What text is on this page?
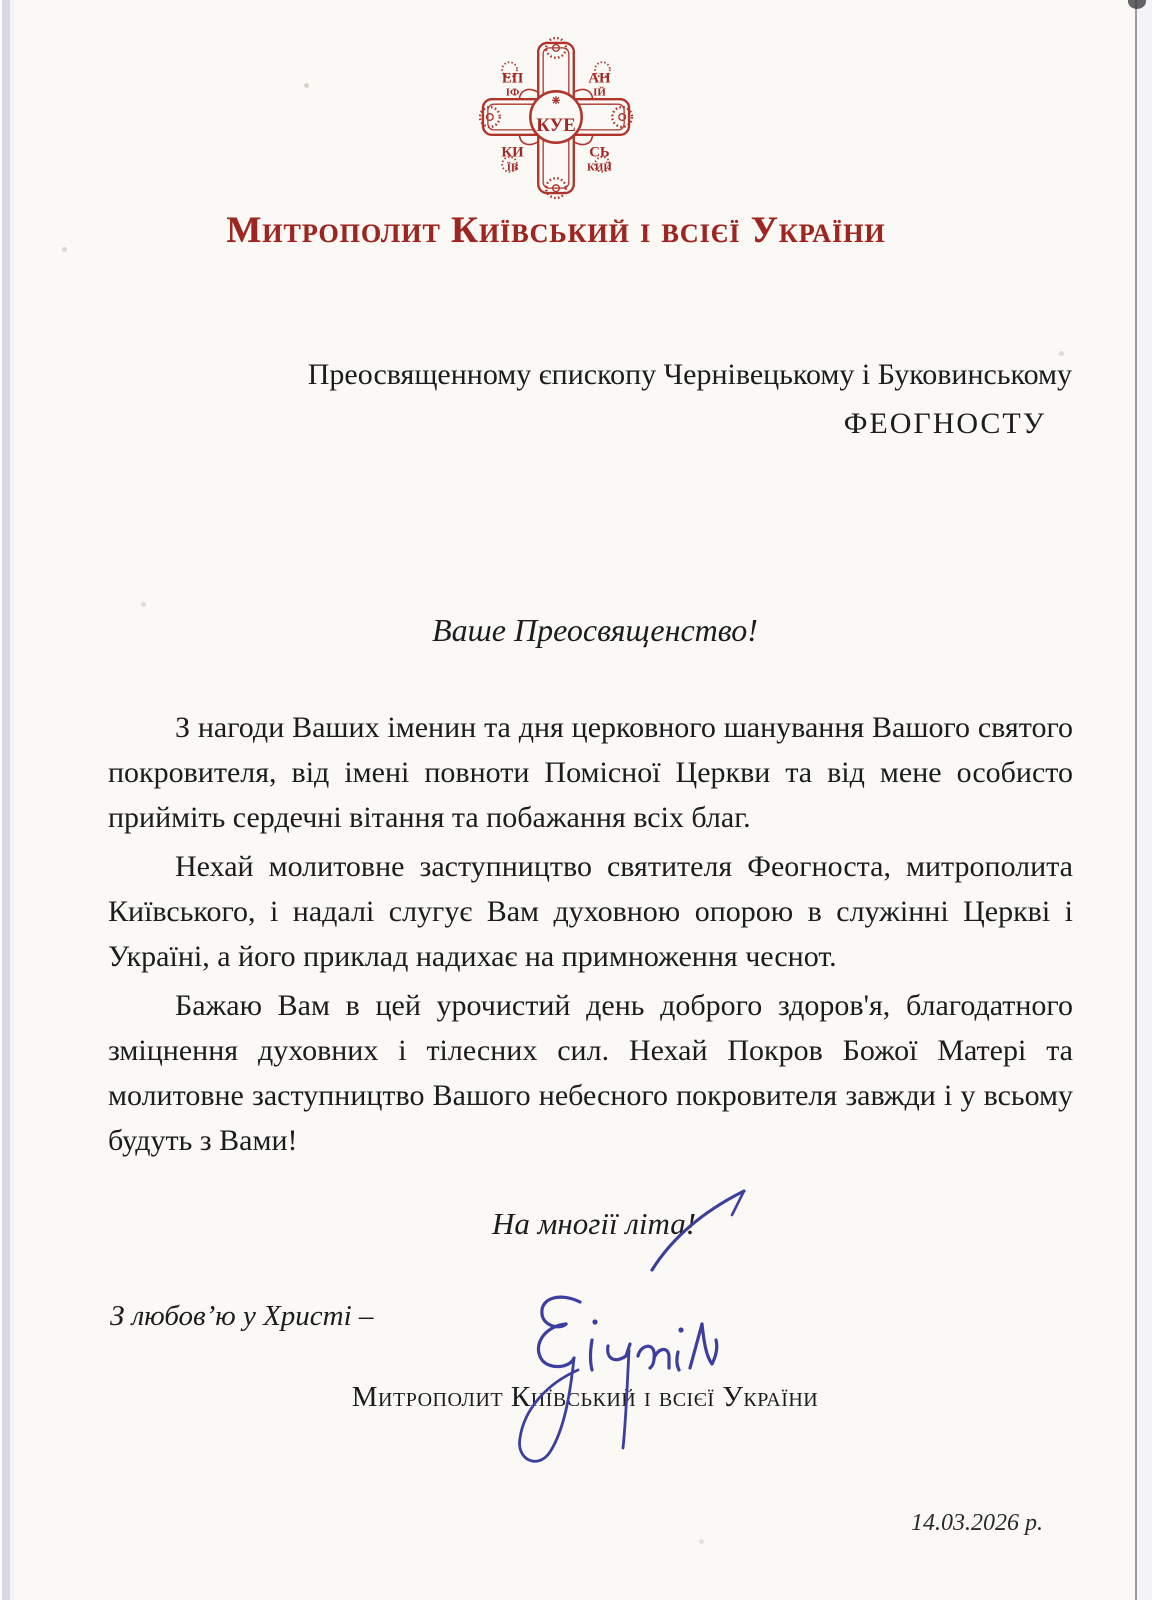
КУЕ
ЕП
ІФ
АН
ІЙ
КИ
ЇВ
СЬ
КИЙ
Митрополит Київський і всієї України
Преосвященному єпископу Чернівецькому і Буковинському
ФЕОГНОСТУ
Ваше Преосвященство!

З нагоди Ваших іменин та дня церковного шанування Вашого святого покровителя, від імені повноти Помісної Церкви та від мене особисто прийміть сердечні вітання та побажання всіх благ.

Нехай молитовне заступництво святителя Феогноста, митрополита Київського, і надалі слугує Вам духовною опорою в служінні Церкві і Україні, а його приклад надихає на примноження чеснот.

Бажаю Вам в цей урочистий день доброго здоров'я, благодатного зміцнення духовних і тілесних сил. Нехай Покров Божої Матері та молитовне заступництво Вашого небесного покровителя завжди і у всьому будуть з Вами!

На многії літа!
З любов’ю у Христі –
Митрополит Київський і всієї України
14.03.2026 р.
